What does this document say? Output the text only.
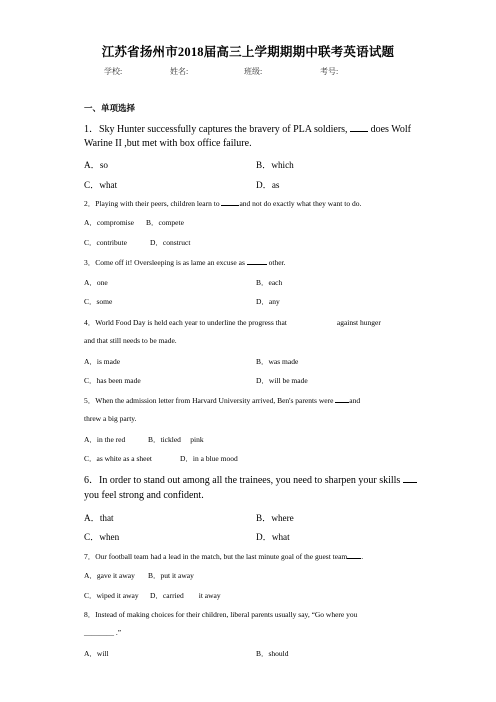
江苏省扬州市2018届高三上学期期期中联考英语试题
学校:	姓名:	班级:	考号:
一、单项选择
1．Sky Hunter successfully captures the bravery of PLA soldiers,  does Wolf
Warine II ,but met with box office failure.
A．so	B．which
C．what	D．as
2．Playing with their peers, children learn to and not do exactly what they want to do.
A．compromise B．compete
C．contribute	D．construct
3．Come off it! Oversleeping is as lame an excuse as	other.
A．one	B．each
C．some	D．any
4．World Food Day is held each year to underline the progress that	against hunger
and that still needs to be made.
A．is made	B．was made
C．has been made	D．will be made
5．When the admission letter from Harvard University arrived, Ben's parents were and
threw a big party.
A．in the red	B．tickled　 pink
C．as white as a sheet	D．in a blue mood
6．In order to stand out among all the trainees, you need to sharpen your skills
you feel strong and confident.
A．that	B．where
C．when	D．what
7．Our football team had a lead in the match, but the last minute goal of the guest team .
A．gave it away B．put it away
C．wiped it away D．carried　　it away
8．Instead of making choices for their children, liberal parents usually say, “Go where you
________ .”
A．will	B．should
